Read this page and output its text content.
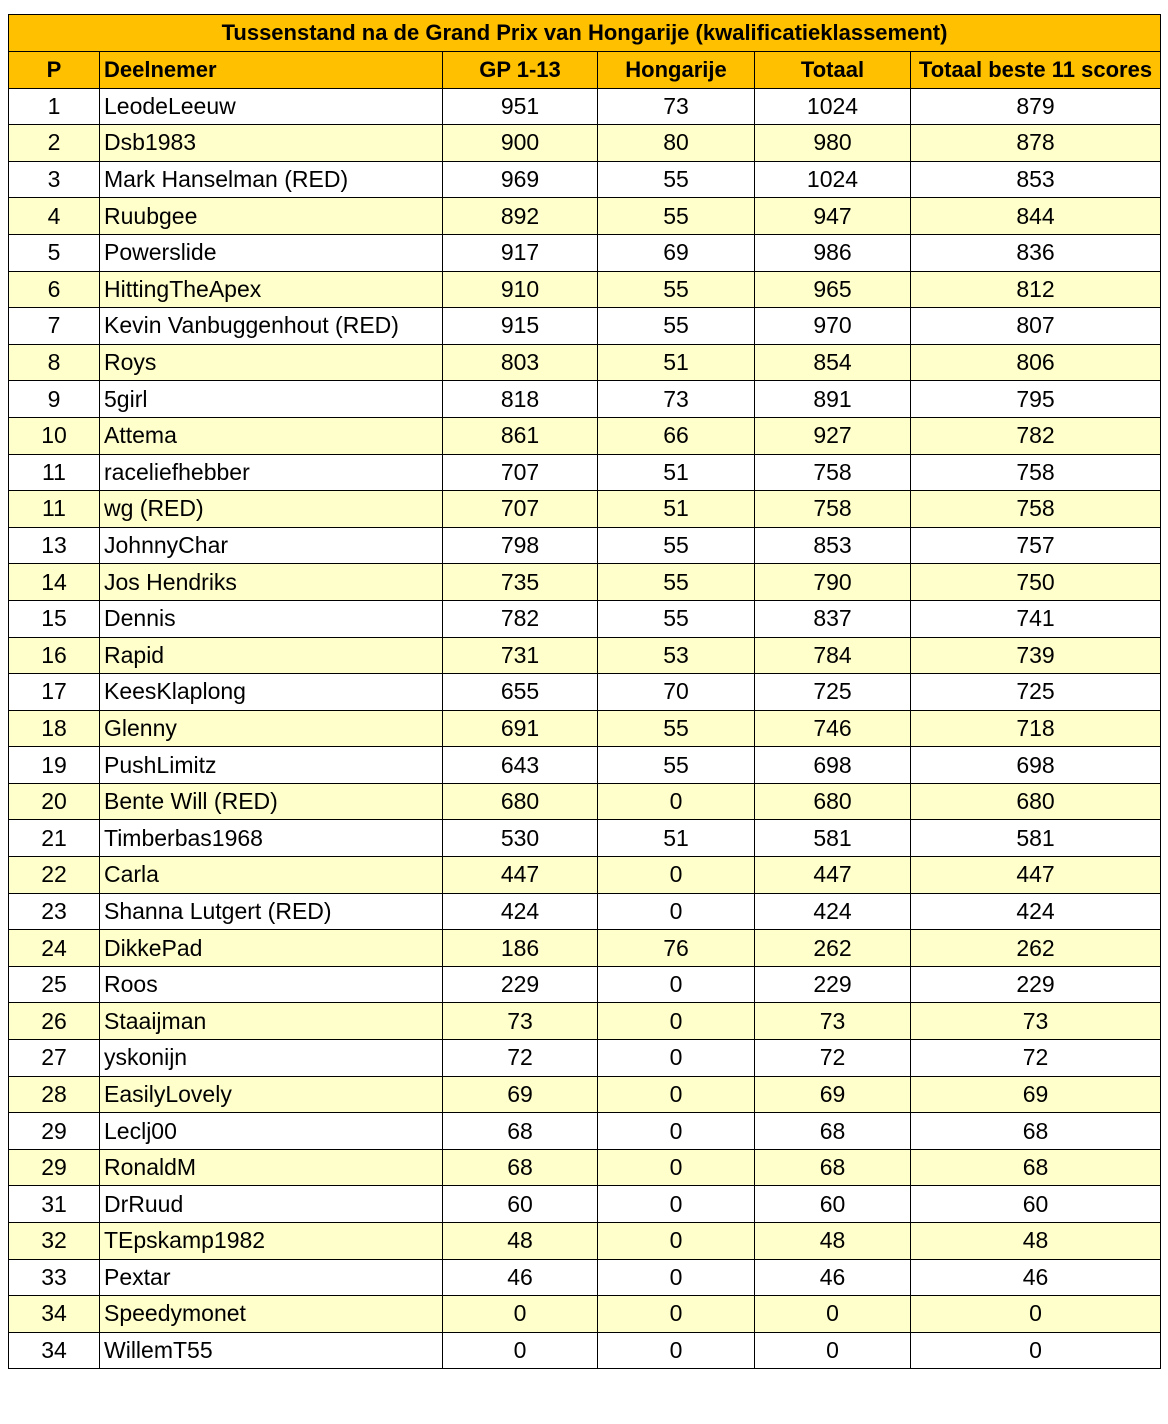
Tussenstand na de Grand Prix van Hongarije (kwalificatieklassement)					
P	Deelnemer	GP 1-13	Hongarije	Totaal	Totaal beste 11 scores
1	LeodeLeeuw	951	73	1024	879
2	Dsb1983	900	80	980	878
3	Mark Hanselman (RED)	969	55	1024	853
4	Ruubgee	892	55	947	844
5	Powerslide	917	69	986	836
6	HittingTheApex	910	55	965	812
7	Kevin Vanbuggenhout (RED)	915	55	970	807
8	Roys	803	51	854	806
9	5girl	818	73	891	795
10	Attema	861	66	927	782
11	raceliefhebber	707	51	758	758
11	wg (RED)	707	51	758	758
13	JohnnyChar	798	55	853	757
14	Jos Hendriks	735	55	790	750
15	Dennis	782	55	837	741
16	Rapid	731	53	784	739
17	KeesKlaplong	655	70	725	725
18	Glenny	691	55	746	718
19	PushLimitz	643	55	698	698
20	Bente Will (RED)	680	0	680	680
21	Timberbas1968	530	51	581	581
22	Carla	447	0	447	447
23	Shanna Lutgert (RED)	424	0	424	424
24	DikkePad	186	76	262	262
25	Roos	229	0	229	229
26	Staaijman	73	0	73	73
27	yskonijn	72	0	72	72
28	EasilyLovely	69	0	69	69
29	Leclj00	68	0	68	68
29	RonaldM	68	0	68	68
31	DrRuud	60	0	60	60
32	TEpskamp1982	48	0	48	48
33	Pextar	46	0	46	46
34	Speedymonet	0	0	0	0
34	WillemT55	0	0	0	0
